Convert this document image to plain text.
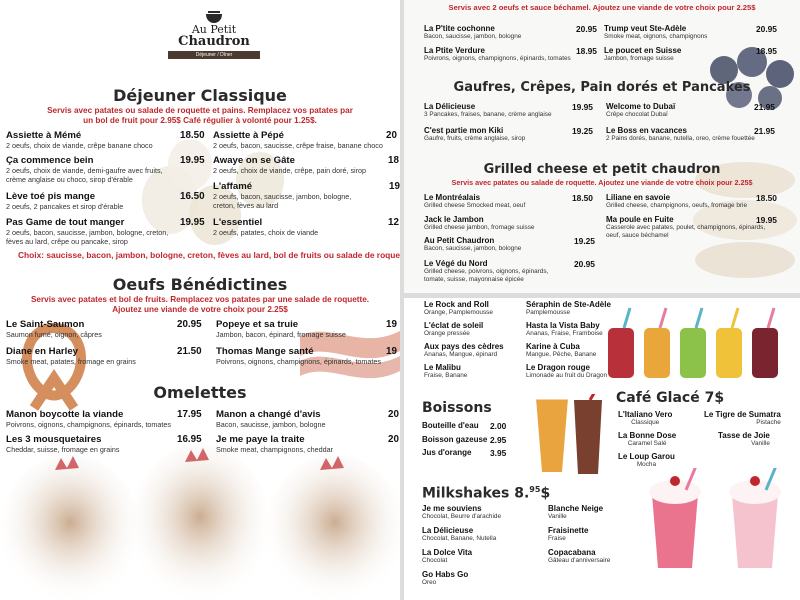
Au Petit
Chaudron
Déjeuner / Dîner
Déjeuner Classique
Servis avec patates ou salade de roquette et pains. Remplacez vos patates par
un bol de fruit pour 2.95$ Café régulier à volonté pour 1.25$.
Assiette à Mémé
2 oeufs, choix de viande, crêpe banane choco
18.50
Ça commence bein
2 oeufs, choix de viande, demi-gaufre avec fruits,
crème anglaise ou choco, sirop d'érable
19.95
Lève toé pis mange
2 oeufs, 2 pancakes et sirop d'érable
16.50
Pas Game de tout manger
2 oeufs, bacon, saucisse, jambon, bologne, creton,
fèves au lard, crêpe ou pancake, sirop
19.95
Assiette à Pépé
2 oeufs, bacon, saucisse, crêpe fraise, banane choco
20
Awaye on se Gâte
2 oeufs, choix de viande, crêpe, pain doré, sirop
18
L'affamé
2 oeufs, bacon, saucisse, jambon, bologne,
creton, fèves au lard
19
L'essentiel
2 oeufs, patates, choix de viande
12
Choix: saucisse, bacon, jambon, bologne, creton, fèves au lard, bol de fruits ou salade de roque
Oeufs Bénédictines
Servis avec patates et bol de fruits. Remplacez vos patates par une salade de roquette.
Ajoutez une viande de votre choix pour 2.25$
Le Saint-Saumon
Saumon fumé, oignon, câpres
20.95
Diane en Harley
Smoke meat, patates, fromage en grains
21.50
Popeye et sa truie
Jambon, bacon, épinard, fromage suisse
19
Thomas Mange santé
Poivrons, oignons, champignons, épinards, tomates
19
Omelettes
Manon boycotte la viande
Poivrons, oignons, champignons, épinards, tomates
17.95
Les 3 mousquetaires
Cheddar, suisse, fromage en grains
16.95
Manon a changé d'avis
Bacon, saucisse, jambon, bologne
20
Je me paye la traite
Smoke meat, champignons, cheddar
20
Servis avec 2 oeufs et sauce béchamel. Ajoutez une viande de votre choix pour 2.25$
La P'tite cochonne
Bacon, saucisse, jambon, bologne
20.95
La Ptite Verdure
Poivrons, oignons, champignons, épinards, tomates
18.95
Trump veut Ste-Adèle
Smoke meat, oignons, champignons
20.95
Le poucet en Suisse
Jambon, fromage suisse
18.95
Gaufres, Crêpes, Pain dorés et Pancakes
La Délicieuse
3 Pancakes, fraises, banane, crème anglaise
19.95
C'est partie mon Kiki
Gaufre, fruits, crème anglaise, sirop
19.25
Welcome to Dubaï
Crêpe chocolat Dubaï
21.95
Le Boss en vacances
2 Pains dorés, banane, nutella, oreo, crème fouettée
21.95
Grilled cheese et petit chaudron
Servis avec patates ou salade de roquette. Ajoutez une viande de votre choix pour 2.25$
Le Montréalais
Grilled cheese Smocked meat, oeuf
18.50
Jack le Jambon
Grilled cheese jambon, fromage suisse
Au Petit Chaudron
Bacon, saucisse, jambon, bologne
19.25
Le Végé du Nord
Grilled cheese, poivrons, oignons, épinards,
tomate, suisse, mayonnaise épicée
20.95
Liliane en savoie
Grilled cheese, champignons, oeufs, fromage brie
18.50
Ma poule en Fuite
Casserole avec patates, poulet, champignons, épinards,
oeuf, sauce béchamel
19.95
Le Rock and Roll
Orange, Pamplemousse
L'éclat de soleil
Orange pressée
Aux pays des cèdres
Ananas, Mangue, épinard
Le Malibu
Fraise, Banane
Séraphin de Ste-Adèle
Pamplemousse
Hasta la Vista Baby
Ananas, Fraise, Framboise
Karine à Cuba
Mangue, Pêche, Banane
Le Dragon rouge
Limonade au fruit du Dragon
Boissons
Bouteille d'eau 2.00
Boisson gazeuse 2.95
Jus d'orange 3.95
Café Glacé 7$
L'Italiano Vero
Classique
La Bonne Dose
Caramel Salé
Le Loup Garou
Mocha
Le Tigre de Sumatra
Pistache
Tasse de Joie
Vanille
Milkshakes 8.95$
Je me souviens
Chocolat, Beurre d'arachide
La Délicieuse
Chocolat, Banane, Nutella
La Dolce Vita
Chocolat
Go Habs Go
Oreo
Blanche Neige
Vanille
Fraisinette
Fraise
Copacabana
Gâteau d'anniversaire
